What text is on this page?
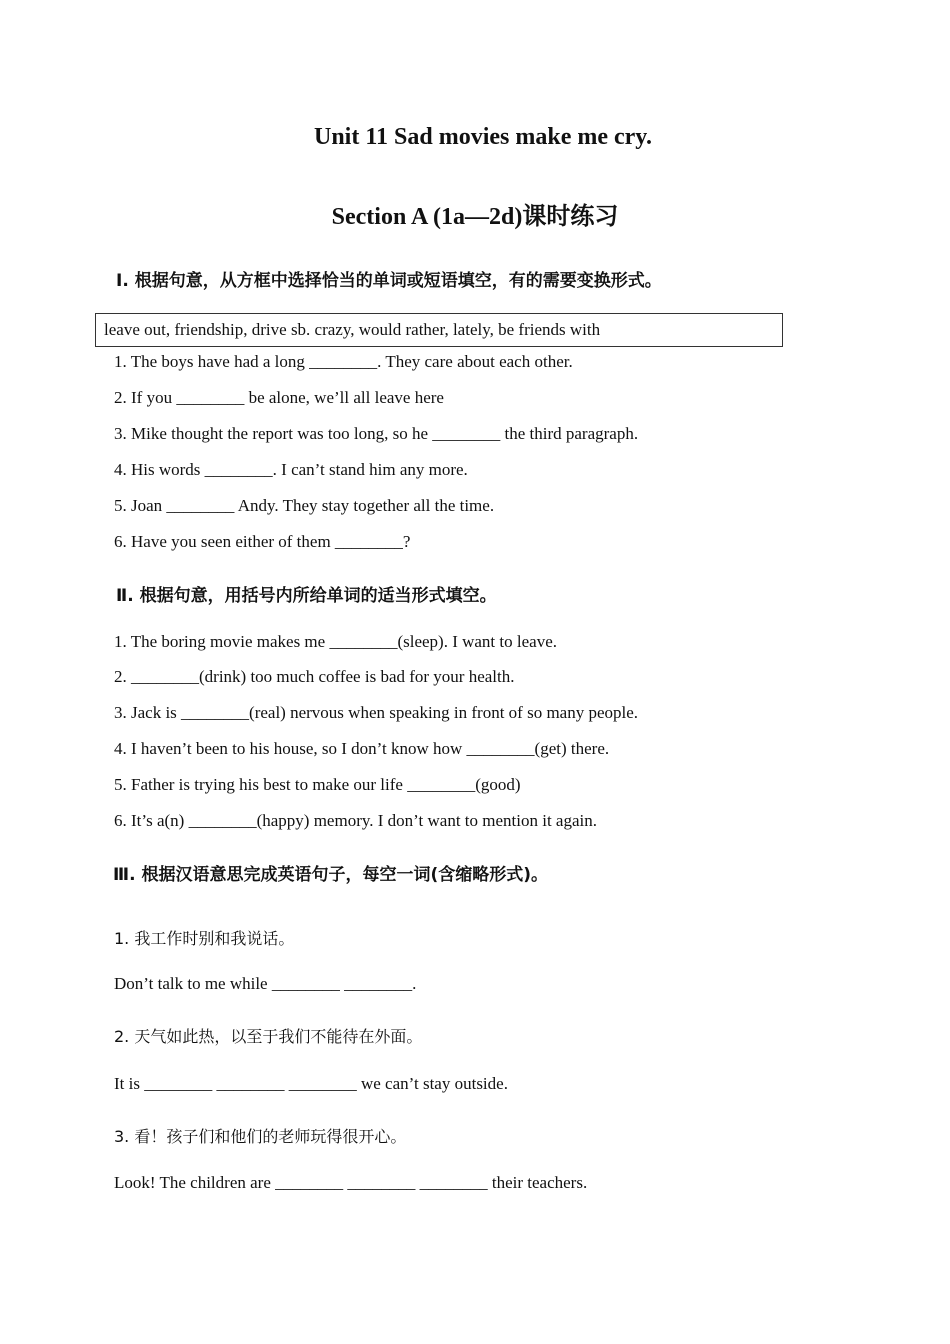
Unit 11 Sad movies make me cry.
Section A (1a—2d)课时练习

Ⅰ. 根据句意，从方框中选择恰当的单词或短语填空，有的需要变换形式。

leave out, friendship, drive sb. crazy, would rather, lately, be friends with

1. The boys have had a long ________. They care about each other.

2. If you ________ be alone, we’ll all leave here

3. Mike thought the report was too long, so he ________ the third paragraph.

4. His words ________. I can’t stand him any more.

5. Joan ________ Andy. They stay together all the time.

6. Have you seen either of them ________?

Ⅱ. 根据句意，用括号内所给单词的适当形式填空。

1. The boring movie makes me ________(sleep). I want to leave.

2. ________(drink) too much coffee is bad for your health.

3. Jack is ________(real) nervous when speaking in front of so many people.

4. I haven’t been to his house, so I don’t know how ________(get) there.

5. Father is trying his best to make our life ________(good)

6. It’s a(n) ________(happy) memory. I don’t want to mention it again.

Ⅲ. 根据汉语意思完成英语句子，每空一词(含缩略形式)。

1. 我工作时别和我说话。

Don’t talk to me while ________ ________.

2. 天气如此热，以至于我们不能待在外面。

It is ________ ________ ________ we can’t stay outside.

3. 看！孩子们和他们的老师玩得很开心。

Look! The children are ________ ________ ________ their teachers.
